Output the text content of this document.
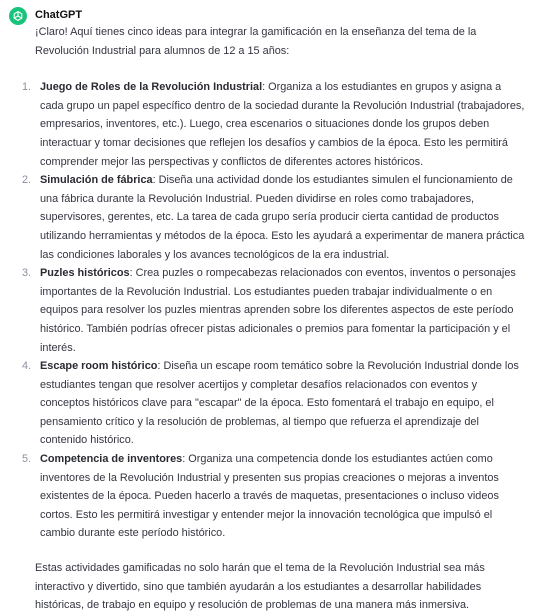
ChatGPT

¡Claro! Aquí tienes cinco ideas para integrar la gamificación en la enseñanza del tema de la Revolución Industrial para alumnos de 12 a 15 años:

1. Juego de Roles de la Revolución Industrial: Organiza a los estudiantes en grupos y asigna a cada grupo un papel específico dentro de la sociedad durante la Revolución Industrial (trabajadores, empresarios, inventores, etc.). Luego, crea escenarios o situaciones donde los grupos deben interactuar y tomar decisiones que reflejen los desafíos y cambios de la época. Esto les permitirá comprender mejor las perspectivas y conflictos de diferentes actores históricos.
2. Simulación de fábrica: Diseña una actividad donde los estudiantes simulen el funcionamiento de una fábrica durante la Revolución Industrial. Pueden dividirse en roles como trabajadores, supervisores, gerentes, etc. La tarea de cada grupo sería producir cierta cantidad de productos utilizando herramientas y métodos de la época. Esto les ayudará a experimentar de manera práctica las condiciones laborales y los avances tecnológicos de la era industrial.
3. Puzles históricos: Crea puzles o rompecabezas relacionados con eventos, inventos o personajes importantes de la Revolución Industrial. Los estudiantes pueden trabajar individualmente o en equipos para resolver los puzles mientras aprenden sobre los diferentes aspectos de este período histórico. También podrías ofrecer pistas adicionales o premios para fomentar la participación y el interés.
4. Escape room histórico: Diseña un escape room temático sobre la Revolución Industrial donde los estudiantes tengan que resolver acertijos y completar desafíos relacionados con eventos y conceptos históricos clave para "escapar" de la época. Esto fomentará el trabajo en equipo, el pensamiento crítico y la resolución de problemas, al tiempo que refuerza el aprendizaje del contenido histórico.
5. Competencia de inventores: Organiza una competencia donde los estudiantes actúen como inventores de la Revolución Industrial y presenten sus propias creaciones o mejoras a inventos existentes de la época. Pueden hacerlo a través de maquetas, presentaciones o incluso videos cortos. Esto les permitirá investigar y entender mejor la innovación tecnológica que impulsó el cambio durante este período histórico.

Estas actividades gamificadas no solo harán que el tema de la Revolución Industrial sea más interactivo y divertido, sino que también ayudarán a los estudiantes a desarrollar habilidades históricas, de trabajo en equipo y resolución de problemas de una manera más inmersiva.
